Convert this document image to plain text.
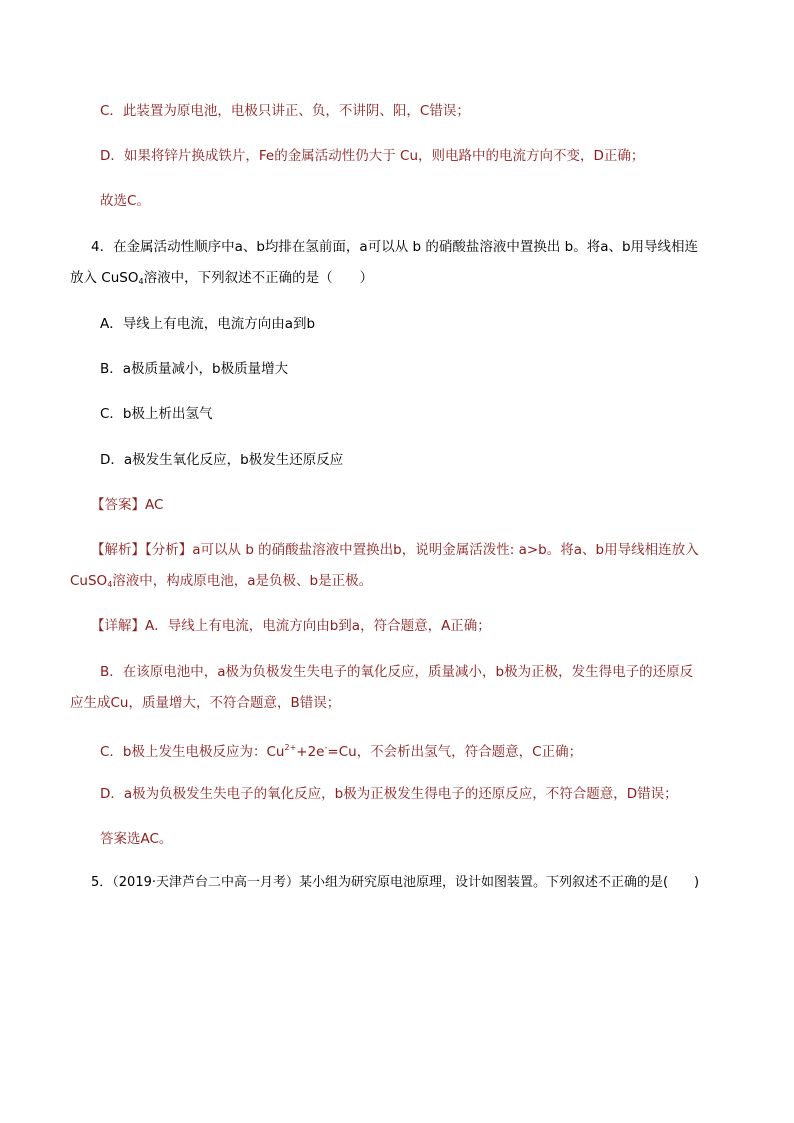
C．此装置为原电池，电极只讲正、负，不讲阴、阳，C错误；
D．如果将锌片换成铁片，Fe的金属活动性仍大于 Cu，则电路中的电流方向不变，D正确；
故选C。
4．在金属活动性顺序中a、b均排在氢前面，a可以从 b 的硝酸盐溶液中置换出 b。将a、b用导线相连
放入 CuSO$_4$溶液中，下列叙述不正确的是（　　）
A．导线上有电流，电流方向由a到b
B．a极质量减小，b极质量增大
C．b极上析出氢气
D．a极发生氧化反应，b极发生还原反应
【答案】AC
【解析】【分析】a可以从 b 的硝酸盐溶液中置换出b，说明金属活泼性: a>b。将a、b用导线相连放入
CuSO$_4$溶液中，构成原电池，a是负极、b是正极。
【详解】A．导线上有电流，电流方向由b到a，符合题意，A正确；
B．在该原电池中，a极为负极发生失电子的氧化反应，质量减小，b极为正极，发生得电子的还原反
应生成Cu，质量增大，不符合题意，B错误；
C．b极上发生电极反应为：$Cu^{2+}+2e^-=Cu$，不会析出氢气，符合题意，C正确；
D．a极为负极发生失电子的氧化反应，b极为正极发生得电子的还原反应，不符合题意，D错误；
答案选AC。
5．（2019·天津芦台二中高一月考）某小组为研究原电池原理，设计如图装置。下列叙述不正确的是(　　)
